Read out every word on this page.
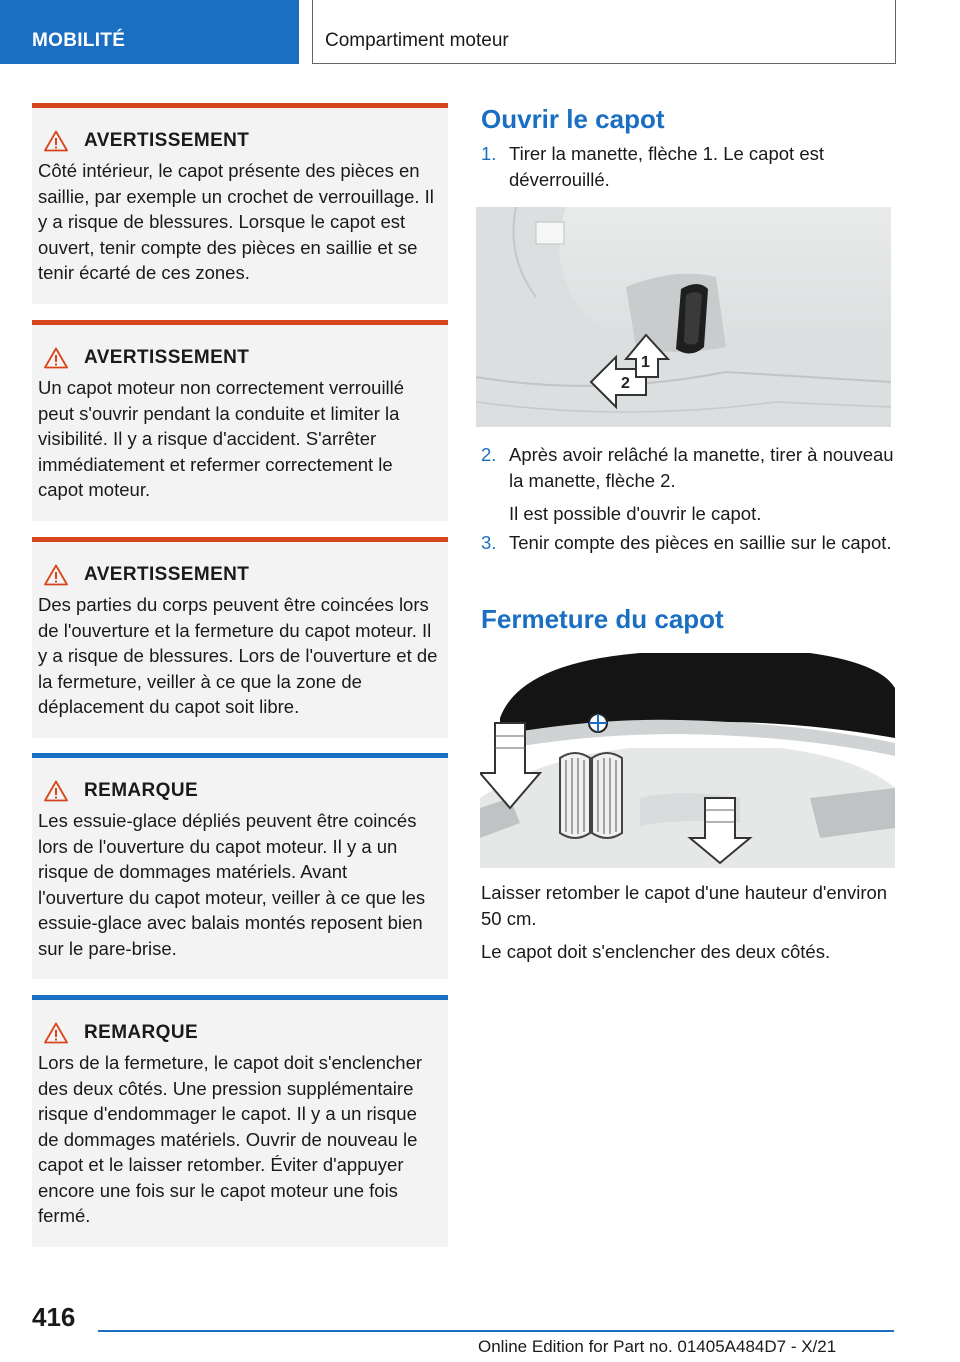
MOBILITÉ	Compartiment moteur
AVERTISSEMENT
Côté intérieur, le capot présente des pièces en saillie, par exemple un crochet de verrouillage. Il y a risque de blessures. Lorsque le capot est ouvert, tenir compte des pièces en saillie et se tenir écarté de ces zones.
AVERTISSEMENT
Un capot moteur non correctement verrouillé peut s'ouvrir pendant la conduite et limiter la visibilité. Il y a risque d'accident. S'arrêter immédiatement et refermer correctement le capot moteur.
AVERTISSEMENT
Des parties du corps peuvent être coincées lors de l'ouverture et la fermeture du capot moteur. Il y a risque de blessures. Lors de l'ouverture et de la fermeture, veiller à ce que la zone de déplacement du capot soit libre.
REMARQUE
Les essuie-glace dépliés peuvent être coincés lors de l'ouverture du capot moteur. Il y a un risque de dommages matériels. Avant l'ouverture du capot moteur, veiller à ce que les essuie-glace avec balais montés reposent bien sur le pare-brise.
REMARQUE
Lors de la fermeture, le capot doit s'enclencher des deux côtés. Une pression supplémentaire risque d'endommager le capot. Il y a un risque de dommages matériels. Ouvrir de nouveau le capot et le laisser retomber. Éviter d'appuyer encore une fois sur le capot moteur une fois fermé.
Ouvrir le capot
1. Tirer la manette, flèche 1. Le capot est déverrouillé.
2
1
2. Après avoir relâché la manette, tirer à nouveau la manette, flèche 2.
Il est possible d'ouvrir le capot.
3. Tenir compte des pièces en saillie sur le capot.
Fermeture du capot
Laisser retomber le capot d'une hauteur d'environ 50 cm.
Le capot doit s'enclencher des deux côtés.
416
Online Edition for Part no. 01405A484D7 - X/21
